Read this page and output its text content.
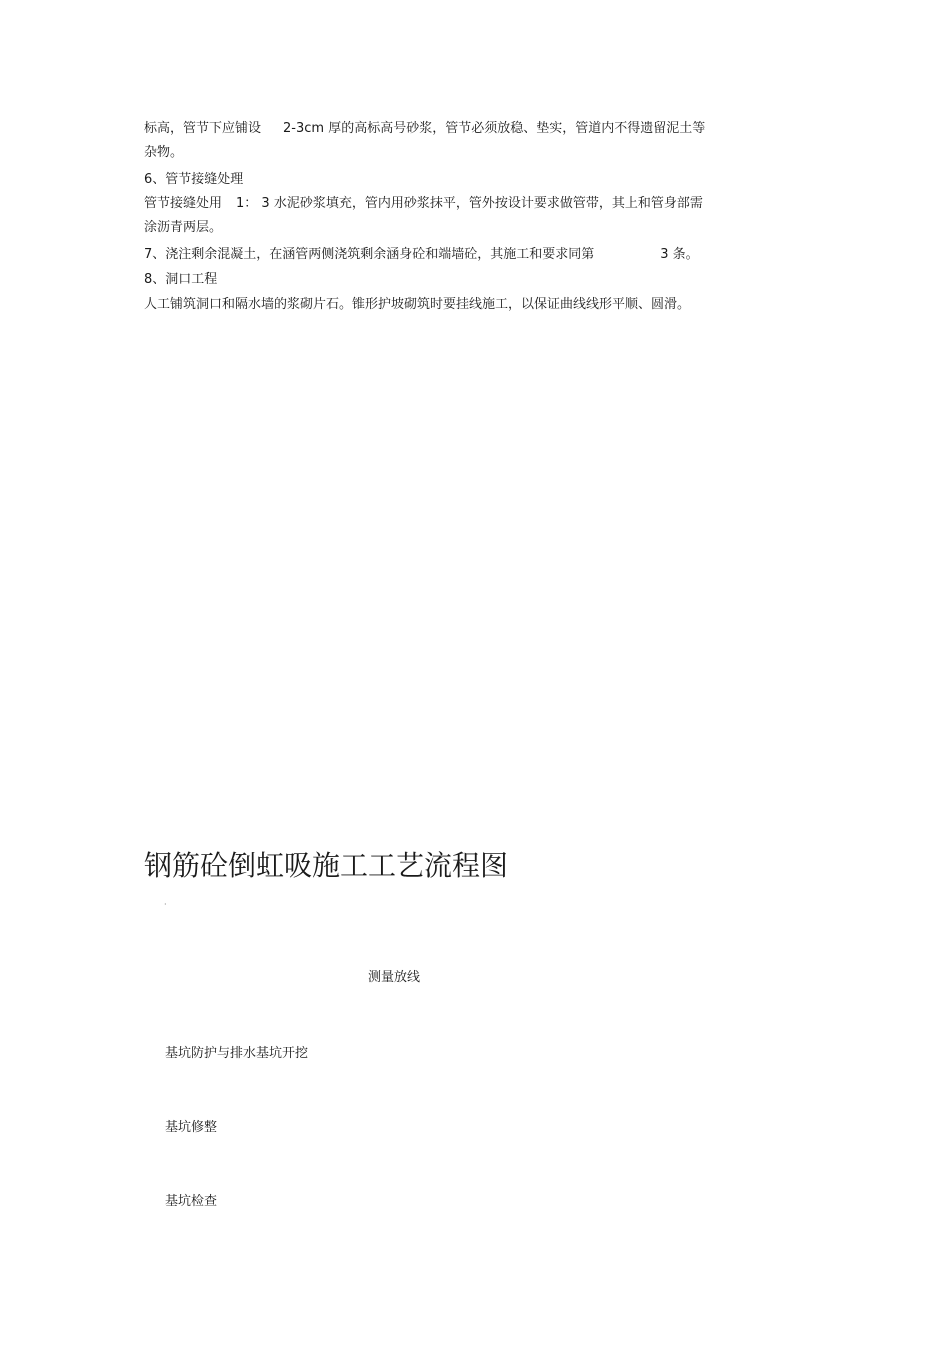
标高，管节下应铺设 2-3cm 厚的高标高号砂浆，管节必须放稳、垫实，管道内不得遗留泥土等
杂物。
6、管节接缝处理
管节接缝处用 1： 3 水泥砂浆填充，管内用砂浆抹平，管外按设计要求做管带，其上和管身部需
涂沥青两层。
7、浇注剩余混凝土，在涵管两侧浇筑剩余涵身砼和端墙砼，其施工和要求同第	3 条。
8、洞口工程
人工铺筑洞口和隔水墙的浆砌片石。锥形护坡砌筑时要挂线施工，以保证曲线线形平顺、圆滑。
钢筋砼倒虹吸施工工艺流程图
·
测量放线
基坑防护与排水基坑开挖
基坑修整
基坑检查
